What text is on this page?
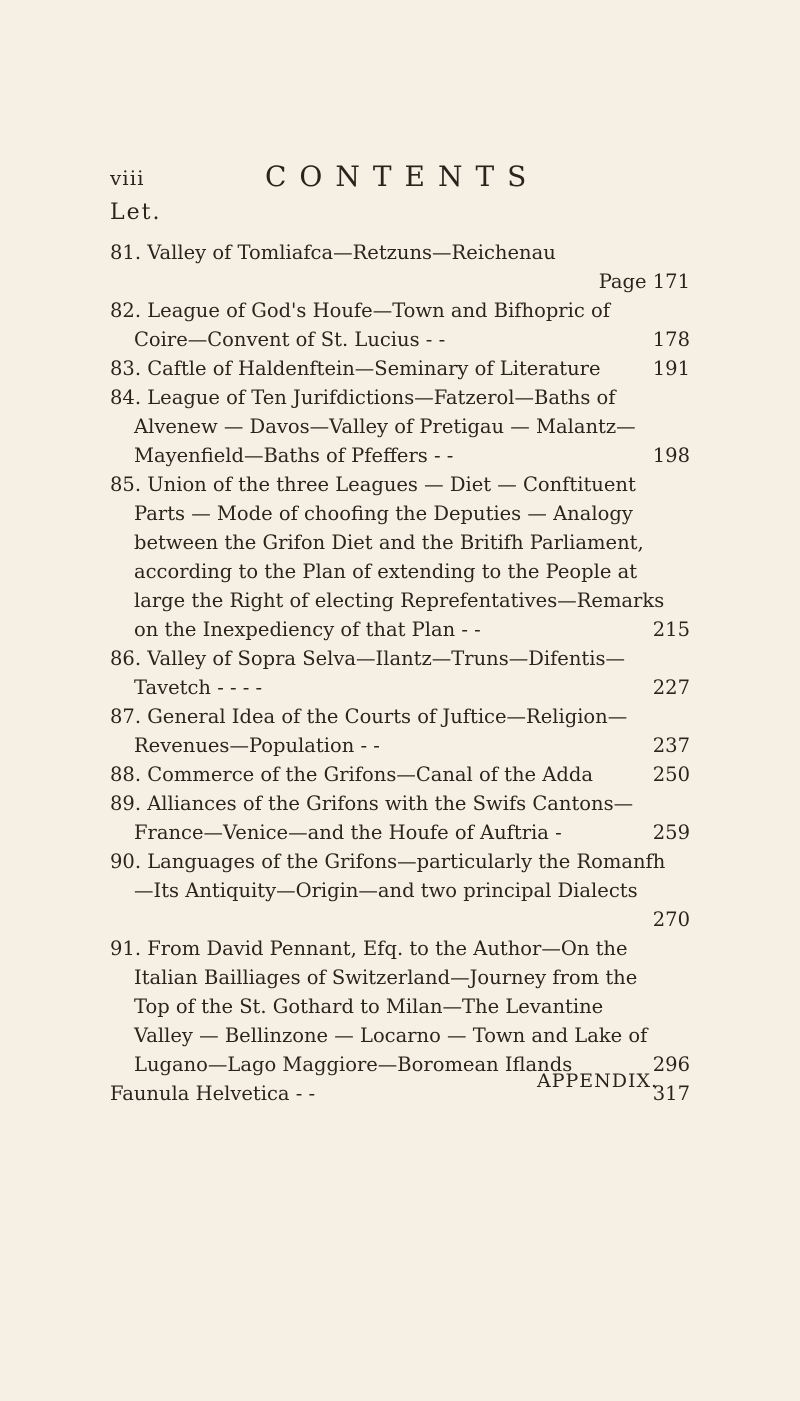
viii	CONTENTS
Let.
81. Valley of Tomliafca—Retzuns—Reichenau
Page 171
82. League of God's Houfe—Town and Bifhopric of
Coire—Convent of St. Lucius - -	178
83. Caftle of Haldenftein—Seminary of Literature	191
84. League of Ten Jurifdictions—Fatzerol—Baths of
Alvenew — Davos—Valley of Pretigau — Malantz—
Mayenfield—Baths of Pfeffers - -	198
85. Union of the three Leagues — Diet — Conftituent
Parts — Mode of choofing the Deputies — Analogy
between the Grifon Diet and the Britifh Parliament,
according to the Plan of extending to the People at
large the Right of electing Reprefentatives—Remarks
on the Inexpediency of that Plan - -	215
86. Valley of Sopra Selva—Ilantz—Truns—Difentis—
Tavetch - - - -	227
87. General Idea of the Courts of Juftice—Religion—
Revenues—Population - -	237
88. Commerce of the Grifons—Canal of the Adda	250
89. Alliances of the Grifons with the Swifs Cantons—
France—Venice—and the Houfe of Auftria -	259
90. Languages of the Grifons—particularly the Romanfh
—Its Antiquity—Origin—and two principal Dialects
270
91. From David Pennant, Efq. to the Author—On the
Italian Bailliages of Switzerland—Journey from the
Top of the St. Gothard to Milan—The Levantine
Valley — Bellinzone — Locarno — Town and Lake of
Lugano—Lago Maggiore—Boromean Iflands	296
Faunula Helvetica - -	317
APPENDIX.
